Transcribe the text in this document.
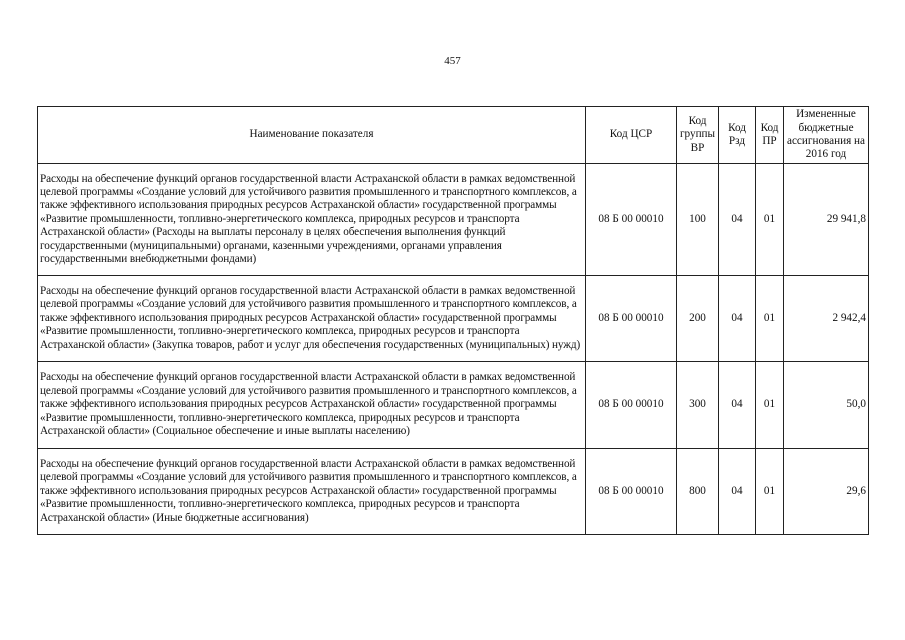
457
Наименование показателя	Код ЦСР	Код группы ВР	Код Рзд	Код ПР	Измененные бюджетные ассигнования на 2016 год
Расходы на обеспечение функций органов государственной власти Астраханской области в рамках ведомственной целевой программы «Создание условий для устойчивого развития промышленного и транспортного комплексов, а также эффективного использования природных ресурсов Астраханской области» государственной программы «Развитие промышленности, топливно-энергетического комплекса, природных ресурсов и транспорта Астраханской области» (Расходы на выплаты персоналу в целях обеспечения выполнения функций государственными (муниципальными) органами, казенными учреждениями, органами управления государственными внебюджетными фондами)	08 Б 00 00010	100	04	01	29 941,8
Расходы на обеспечение функций органов государственной власти Астраханской области в рамках ведомственной целевой программы «Создание условий для устойчивого развития промышленного и транспортного комплексов, а также эффективного использования природных ресурсов Астраханской области» государственной программы «Развитие промышленности, топливно-энергетического комплекса, природных ресурсов и транспорта Астраханской области» (Закупка товаров, работ и услуг для обеспечения государственных (муниципальных) нужд)	08 Б 00 00010	200	04	01	2 942,4
Расходы на обеспечение функций органов государственной власти Астраханской области в рамках ведомственной целевой программы «Создание условий для устойчивого развития промышленного и транспортного комплексов, а также эффективного использования природных ресурсов Астраханской области» государственной программы «Развитие промышленности, топливно-энергетического комплекса, природных ресурсов и транспорта Астраханской области» (Социальное обеспечение и иные выплаты населению)	08 Б 00 00010	300	04	01	50,0
Расходы на обеспечение функций органов государственной власти Астраханской области в рамках ведомственной целевой программы «Создание условий для устойчивого развития промышленного и транспортного комплексов, а также эффективного использования природных ресурсов Астраханской области» государственной программы «Развитие промышленности, топливно-энергетического комплекса, природных ресурсов и транспорта Астраханской области» (Иные бюджетные ассигнования)	08 Б 00 00010	800	04	01	29,6
